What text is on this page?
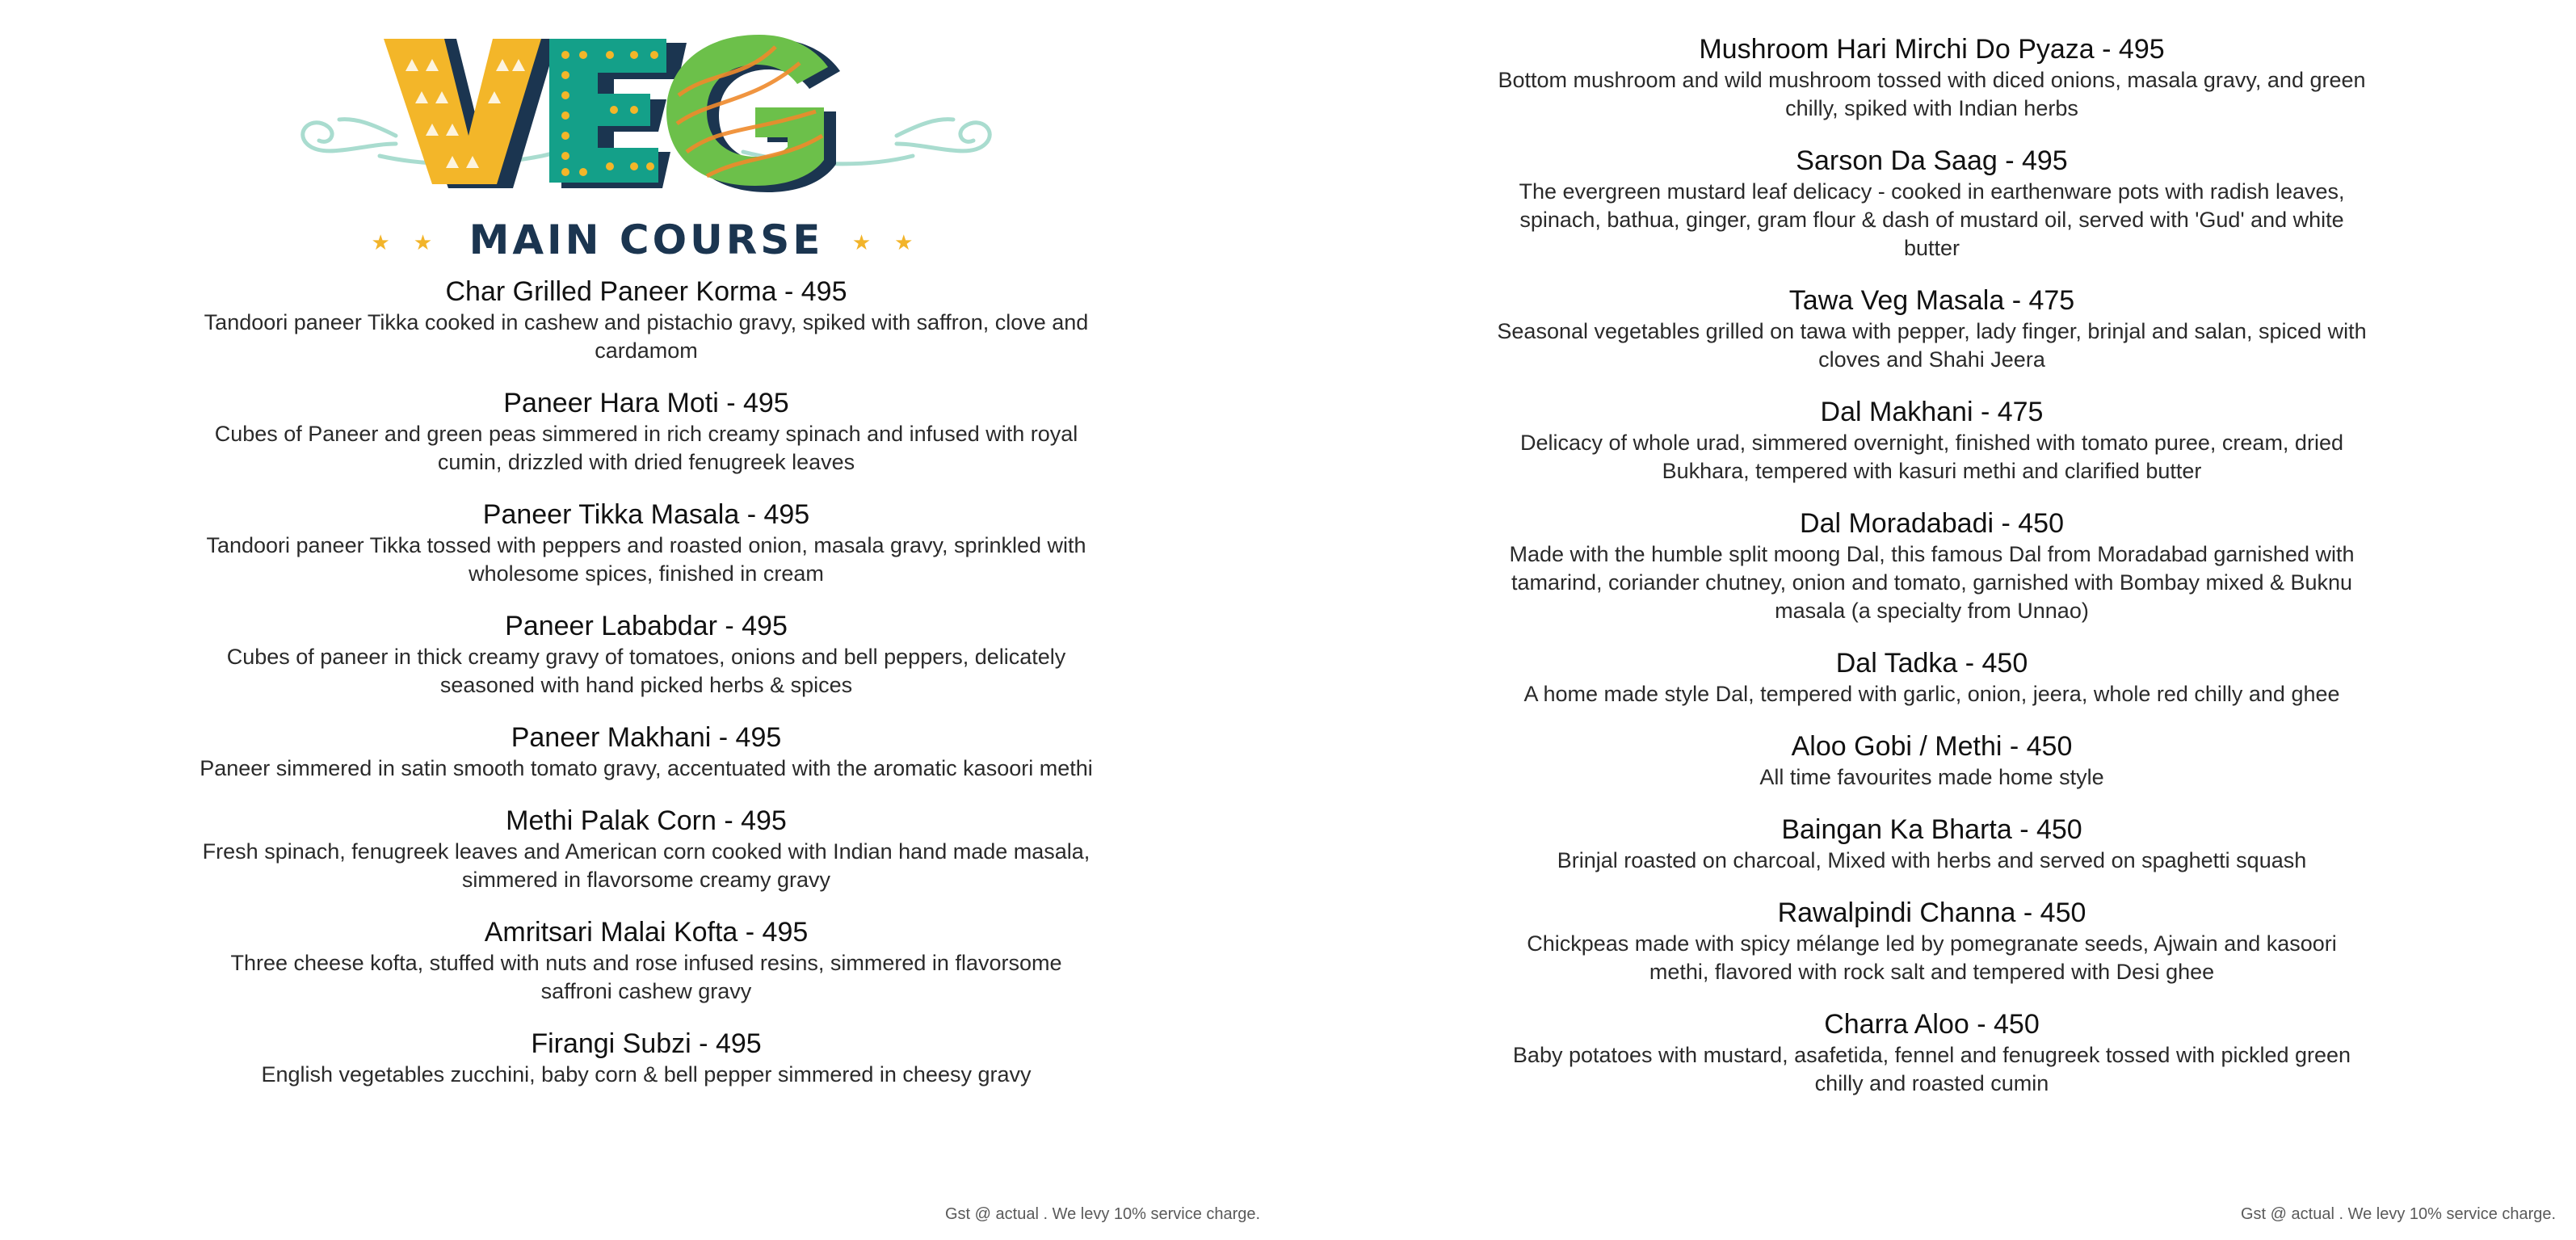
★ ★ MAIN COURSE ★ ★
Char Grilled Paneer Korma - 495
Tandoori paneer Tikka cooked in cashew and pistachio gravy, spiked with saffron, clove and cardamom
Paneer Hara Moti - 495
Cubes of Paneer and green peas simmered in rich creamy spinach and infused with royal cumin, drizzled with dried fenugreek leaves
Paneer Tikka Masala - 495
Tandoori paneer Tikka tossed with peppers and roasted onion, masala gravy, sprinkled with wholesome spices, finished in cream
Paneer Lababdar - 495
Cubes of paneer in thick creamy gravy of tomatoes, onions and bell peppers, delicately seasoned with hand picked herbs & spices
Paneer Makhani - 495
Paneer simmered in satin smooth tomato gravy, accentuated with the aromatic kasoori methi
Methi Palak Corn - 495
Fresh spinach, fenugreek leaves and American corn cooked with Indian hand made masala, simmered in flavorsome creamy gravy
Amritsari Malai Kofta - 495
Three cheese kofta, stuffed with nuts and rose infused resins, simmered in flavorsome saffroni cashew gravy
Firangi Subzi - 495
English vegetables zucchini, baby corn & bell pepper simmered in cheesy gravy
Gst @ actual . We levy 10% service charge.
Mushroom Hari Mirchi Do Pyaza - 495
Bottom mushroom and wild mushroom tossed with diced onions, masala gravy, and green chilly, spiked with Indian herbs
Sarson Da Saag - 495
The evergreen mustard leaf delicacy - cooked in earthenware pots with radish leaves, spinach, bathua, ginger, gram flour & dash of mustard oil, served with 'Gud' and white butter
Tawa Veg Masala - 475
Seasonal vegetables grilled on tawa with pepper, lady finger, brinjal and salan, spiced with cloves and Shahi Jeera
Dal Makhani - 475
Delicacy of whole urad, simmered overnight, finished with tomato puree, cream, dried Bukhara, tempered with kasuri methi and clarified butter
Dal Moradabadi - 450
Made with the humble split moong Dal, this famous Dal from Moradabad garnished with tamarind, coriander chutney, onion and tomato, garnished with Bombay mixed & Buknu masala (a specialty from Unnao)
Dal Tadka - 450
A home made style Dal, tempered with garlic, onion, jeera, whole red chilly and ghee
Aloo Gobi / Methi - 450
All time favourites made home style
Baingan Ka Bharta - 450
Brinjal roasted on charcoal, Mixed with herbs and served on spaghetti squash
Rawalpindi Channa - 450
Chickpeas made with spicy mélange led by pomegranate seeds, Ajwain and kasoori methi, flavored with rock salt and tempered with Desi ghee
Charra Aloo - 450
Baby potatoes with mustard, asafetida, fennel and fenugreek tossed with pickled green chilly and roasted cumin
Gst @ actual . We levy 10% service charge.
